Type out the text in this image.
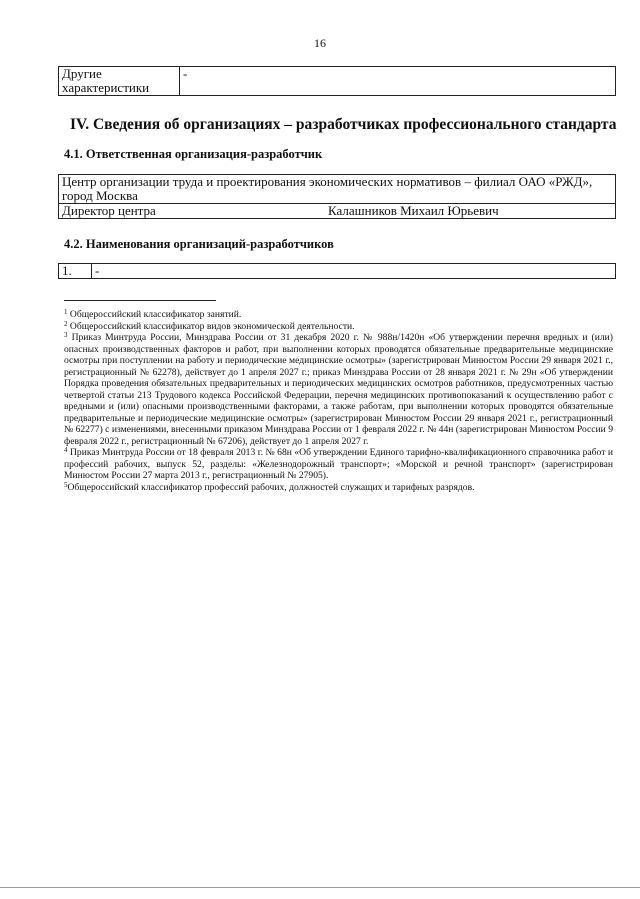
16
Другие характеристики	-
IV. Сведения об организациях – разработчиках профессионального стандарта
4.1. Ответственная организация-разработчик
Центр организации труда и проектирования экономических нормативов – филиал ОАО «РЖД», город Москва
Директор центра	Калашников Михаил Юрьевич
4.2. Наименования организаций-разработчиков
1.	-

$^1$ Общероссийский классификатор занятий.

$^2$ Общероссийский классификатор видов экономической деятельности.

$^3$ Приказ Минтруда России, Минздрава России от 31 декабря 2020 г. № 988н/1420н «Об утверждении перечня вредных и (или) опасных производственных факторов и работ, при выполнении которых проводятся обязательные предварительные медицинские осмотры при поступлении на работу и периодические медицинские осмотры» (зарегистрирован Минюстом России 29 января 2021 г., регистрационный № 62278), действует до 1 апреля 2027 г.; приказ Минздрава России от 28 января 2021 г. № 29н «Об утверждении Порядка проведения обязательных предварительных и периодических медицинских осмотров работников, предусмотренных частью четвертой статьи 213 Трудового кодекса Российской Федерации, перечня медицинских противопоказаний к осуществлению работ с вредными и (или) опасными производственными факторами, а также работам, при выполнении которых проводятся обязательные предварительные и периодические медицинские осмотры» (зарегистрирован Минюстом России 29 января 2021 г., регистрационный № 62277) с изменениями, внесенными приказом Минздрава России от 1 февраля 2022 г. № 44н (зарегистрирован Минюстом России 9 февраля 2022 г., регистрационный № 67206), действует до 1 апреля 2027 г.

$^4$ Приказ Минтруда России от 18 февраля 2013 г. № 68н «Об утверждении Единого тарифно-квалификационного справочника работ и профессий рабочих, выпуск 52, разделы: «Железнодорожный транспорт»; «Морской и речной транспорт» (зарегистрирован Минюстом России 27 марта 2013 г., регистрационный № 27905).

$^5$Общероссийский классификатор профессий рабочих, должностей служащих и тарифных разрядов.
